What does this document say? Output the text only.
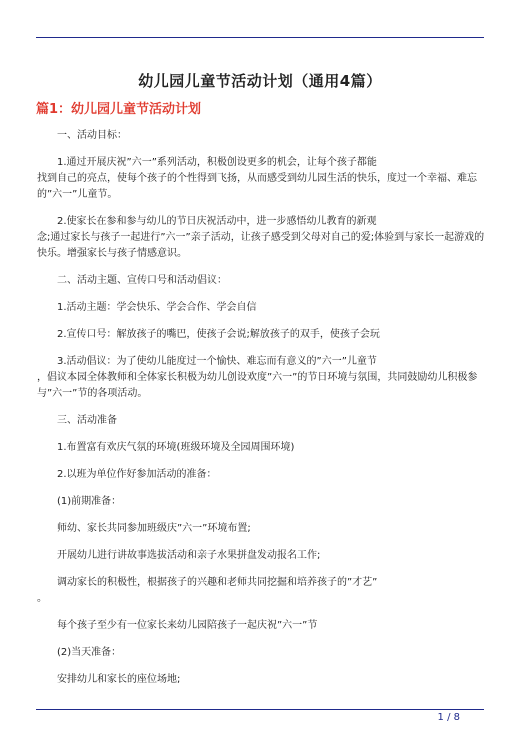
幼儿园儿童节活动计划（通用4篇）
篇1：幼儿园儿童节活动计划

一、活动目标：

1.通过开展庆祝”六一”系列活动，积极创设更多的机会，让每个孩子都能
找到自己的亮点，使每个孩子的个性得到飞扬，从而感受到幼儿园生活的快乐，度过一个幸福、难忘的”六一”儿童节。

2.使家长在参和参与幼儿的节日庆祝活动中，进一步感悟幼儿教育的新观
念;通过家长与孩子一起进行”六一”亲子活动，让孩子感受到父母对自己的爱;体验到与家长一起游戏的快乐。增强家长与孩子情感意识。

二、活动主题、宣传口号和活动倡议：

1.活动主题：学会快乐、学会合作、学会自信

2.宣传口号：解放孩子的嘴巴，使孩子会说;解放孩子的双手，使孩子会玩

3.活动倡议：为了使幼儿能度过一个愉快、难忘而有意义的”六一”儿童节
，倡议本园全体教师和全体家长积极为幼儿创设欢度”六一”的节日环境与氛围，共同鼓励幼儿积极参与”六一”节的各项活动。

三、活动准备

1.布置富有欢庆气氛的环境(班级环境及全园周围环境)

2.以班为单位作好参加活动的准备：

(1)前期准备：

师幼、家长共同参加班级庆”六一”环境布置;

开展幼儿进行讲故事选拔活动和亲子水果拼盘发动报名工作;

调动家长的积极性，根据孩子的兴趣和老师共同挖掘和培养孩子的”才艺”
。

每个孩子至少有一位家长来幼儿园陪孩子一起庆祝”六一”节

(2)当天准备：

安排幼儿和家长的座位场地;

1 / 8
